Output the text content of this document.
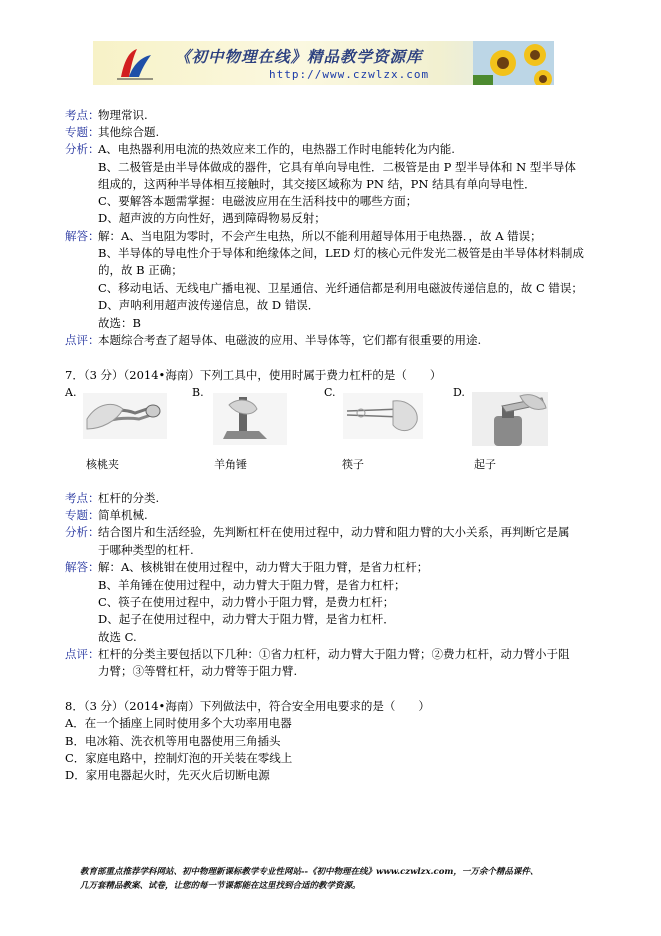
《初中物理在线》精品教学资源库
http://www.czwlzx.com
考点：
物理常识.
专题：
其他综合题.
分析：
A、电热器利用电流的热效应来工作的，电热器工作时电能转化为内能.
B、二极管是由半导体做成的器件，它具有单向导电性．二极管是由 P 型半导体和 N 型半导体
组成的，这两种半导体相互接触时，其交接区域称为 PN 结，PN 结具有单向导电性．
C、要解答本题需掌握：电磁波应用在生活科技中的哪些方面；
D、超声波的方向性好，遇到障碍物易反射；
解答：
解：A、当电阻为零时，不会产生电热，所以不能利用超导体用于电热器．，故 A 错误；
B、半导体的导电性介于导体和绝缘体之间，LED 灯的核心元件发光二极管是由半导体材料制成
的，故 B 正确；
C、移动电话、无线电广播电视、卫星通信、光纤通信都是利用电磁波传递信息的，故 C 错误；
D、声呐利用超声波传递信息，故 D 错误．
故选：B
点评：
本题综合考查了超导体、电磁波的应用、半导体等，它们都有很重要的用途.
7．（3 分）（2014•海南）下列工具中，使用时属于费力杠杆的是（　　）
A.	B.	C.	D.
核桃夹	羊角锤	筷子	起子
考点：
杠杆的分类.
专题：
简单机械.
分析：
结合图片和生活经验，先判断杠杆在使用过程中，动力臂和阻力臂的大小关系，再判断它是属
于哪种类型的杠杆.
解答：
解：A、核桃钳在使用过程中，动力臂大于阻力臂，是省力杠杆；
B、羊角锤在使用过程中，动力臂大于阻力臂，是省力杠杆；
C、筷子在使用过程中，动力臂小于阻力臂，是费力杠杆；
D、起子在使用过程中，动力臂大于阻力臂，是省力杠杆．
故选 C.
点评：
杠杆的分类主要包括以下几种：①省力杠杆，动力臂大于阻力臂；②费力杠杆，动力臂小于阻
力臂；③等臂杠杆，动力臂等于阻力臂.
8．（3 分）（2014•海南）下列做法中，符合安全用电要求的是（　　）
A．在一个插座上同时使用多个大功率用电器
B．电冰箱、洗衣机等用电器使用三角插头
C．家庭电路中，控制灯泡的开关装在零线上
D．家用电器起火时，先灭火后切断电源
教育部重点推荐学科网站、初中物理新课标教学专业性网站--《初中物理在线》www.czwlzx.com，一万余个精品课件、
几万套精品教案、试卷，让您的每一节课都能在这里找到合适的教学资源。
